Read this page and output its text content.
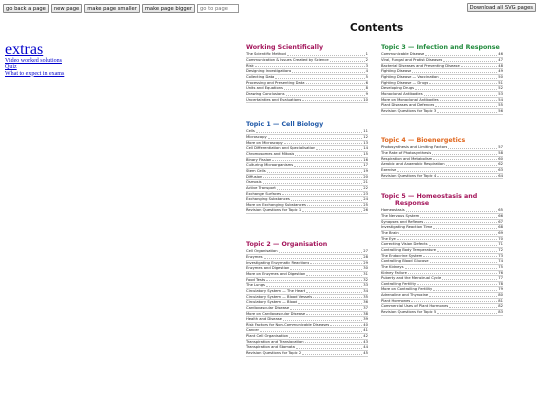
go back a page	new page	make page smaller	make page bigger
go to page	Download all SVG pages
extras
Video worked solutions
Quiz
What to expect in exams
Contents
Working Scientifically
The Scientific Method	1
Communication & Issues Created by Science	2
Risk	3
Designing Investigations	4
Collecting Data	5
Processing and Presenting Data	6
Units and Equations	8
Drawing Conclusions	9
Uncertainties and Evaluations	10
Topic 1 — Cell Biology
Cells	11
Microscopy	12
More on Microscopy	13
Cell Differentiation and Specialisation	14
Chromosomes and Mitosis	15
Binary Fission	16
Culturing Microorganisms	17
Stem Cells	19
Diffusion	20
Osmosis	21
Active Transport	22
Exchange Surfaces	23
Exchanging Substances	24
More on Exchanging Substances	25
Revision Questions for Topic 1	26
Topic 2 — Organisation
Cell Organisation	27
Enzymes	28
Investigating Enzymatic Reactions	29
Enzymes and Digestion	30
More on Enzymes and Digestion	31
Food Tests	32
The Lungs	33
Circulatory System — The Heart	34
Circulatory System — Blood Vessels	35
Circulatory System — Blood	36
Cardiovascular Disease	37
More on Cardiovascular Disease	38
Health and Disease	39
Risk Factors for Non-Communicable Diseases	40
Cancer	41
Plant Cell Organisation	42
Transpiration and Translocation	43
Transpiration and Stomata	44
Revision Questions for Topic 2	45
Topic 3 — Infection and Response
Communicable Disease	46
Viral, Fungal and Protist Diseases	47
Bacterial Diseases and Preventing Disease	48
Fighting Disease	49
Fighting Disease — Vaccination	50
Fighting Disease — Drugs	51
Developing Drugs	52
Monoclonal Antibodies	53
More on Monoclonal Antibodies	54
Plant Diseases and Defences	55
Revision Questions for Topic 3	56
Topic 4 — Bioenergetics
Photosynthesis and Limiting Factors	57
The Rate of Photosynthesis	58
Respiration and Metabolism	60
Aerobic and Anaerobic Respiration	62
Exercise	63
Revision Questions for Topic 4	64
Topic 5 — Homeostasis and
Response
Homeostasis	65
The Nervous System	66
Synapses and Reflexes	67
Investigating Reaction Time	68
The Brain	69
The Eye	70
Correcting Vision Defects	71
Controlling Body Temperature	72
The Endocrine System	73
Controlling Blood Glucose	74
The Kidneys	75
Kidney Failure	76
Puberty and the Menstrual Cycle	77
Controlling Fertility	78
More on Controlling Fertility	79
Adrenaline and Thyroxine	80
Plant Hormones	81
Commercial Uses of Plant Hormones	82
Revision Questions for Topic 5	83
